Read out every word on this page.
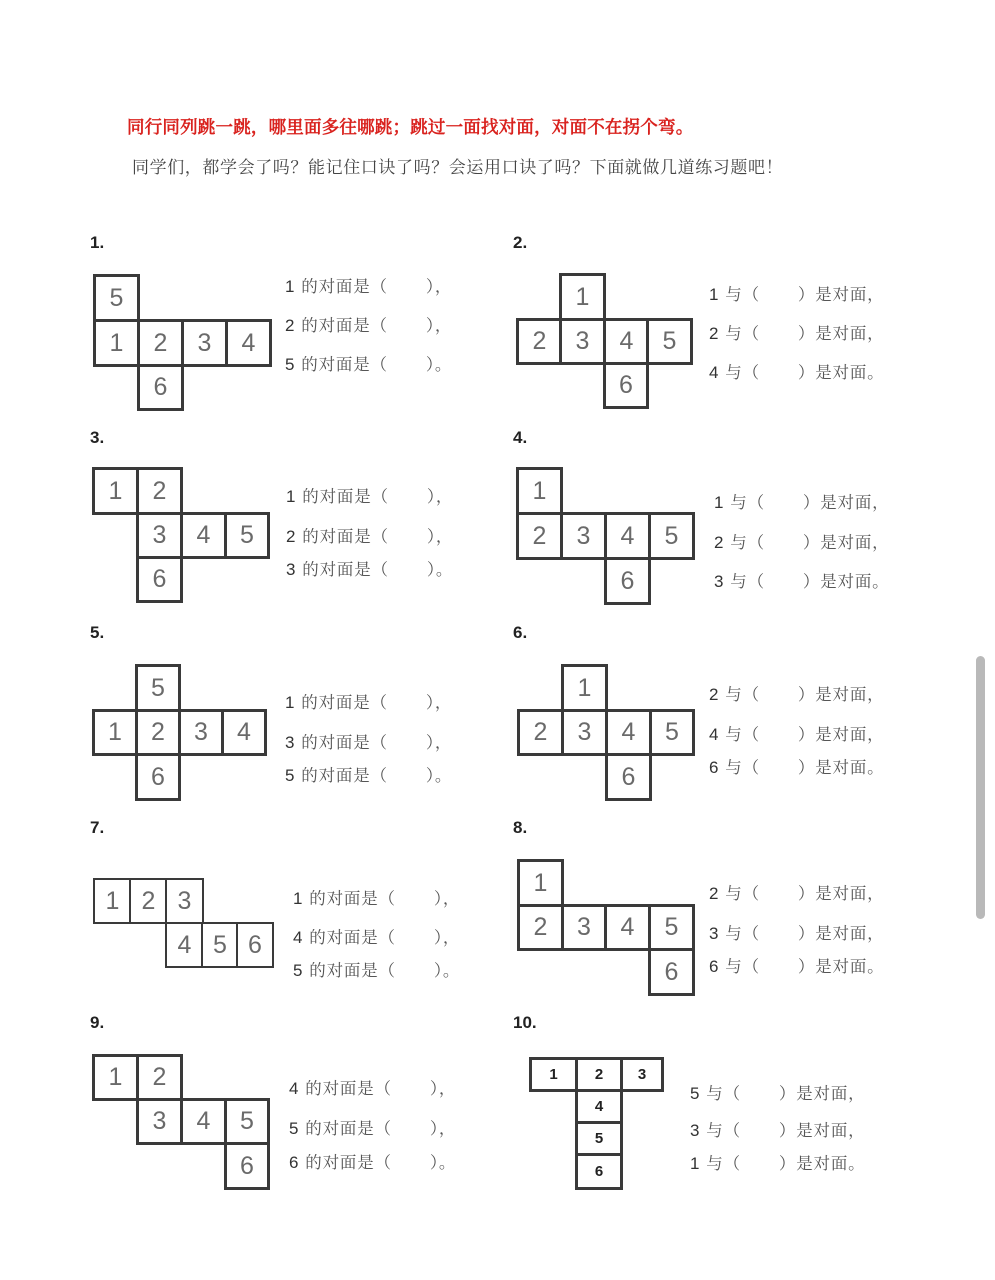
同行同列跳一跳，哪里面多往哪跳；跳过一面找对面，对面不在拐个弯。
同学们，都学会了吗？能记住口诀了吗？会运用口诀了吗？下面就做几道练习题吧！
1.
5
1	2	3	4
6
1 的对面是（ ），
2 的对面是（ ），
5 的对面是（ ）。
2.
1
2	3	4	5
6
1 与（ ）是对面，
2 与（ ）是对面，
4 与（ ）是对面。
3.
1	2
3	4	5
6
1 的对面是（ ），
2 的对面是（ ），
3 的对面是（ ）。
4.
1
2	3	4	5
6
1 与（ ）是对面，
2 与（ ）是对面，
3 与（ ）是对面。
5.
5
1	2	3	4
6
1 的对面是（ ），
3 的对面是（ ），
5 的对面是（ ）。
6.
1
2	3	4	5
6
2 与（ ）是对面，
4 与（ ）是对面，
6 与（ ）是对面。
7.
1 2 3
4 5 6
1 的对面是（ ），
4 的对面是（ ），
5 的对面是（ ）。
8.
1
2	3	4	5
6
2 与（ ）是对面，
3 与（ ）是对面，
6 与（ ）是对面。
9.
1	2
3	4	5
6
4 的对面是（ ），
5 的对面是（ ），
6 的对面是（ ）。
10.
1	2	3
4
5
6
5 与（ ）是对面，
3 与（ ）是对面，
1 与（ ）是对面。
